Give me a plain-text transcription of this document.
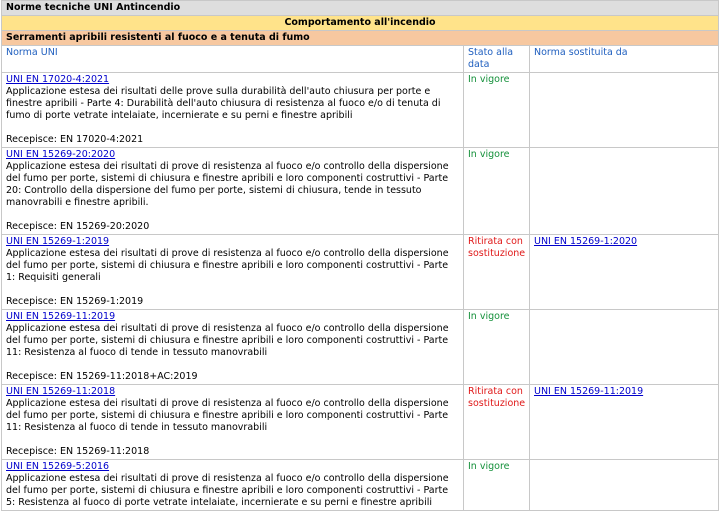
Norme tecniche UNI Antincendio		
Comportamento all'incendio		
Serramenti apribili resistenti al fuoco e a tenuta di fumo		
Norma UNI	Stato alla data	Norma sostituita da

UNI EN 17020-4:2021
Applicazione estesa dei risultati delle prove sulla durabilità dell'auto chiusura per porte e finestre apribili - Parte 4: Durabilità dell'auto chiusura di resistenza al fuoco e/o di tenuta di fumo di porte vetrate intelaiate, incernierate e su perni e finestre apribili
Recepisce: EN 17020-4:2021	In vigore	

UNI EN 15269-20:2020
Applicazione estesa dei risultati di prove di resistenza al fuoco e/o controllo della dispersione del fumo per porte, sistemi di chiusura e finestre apribili e loro componenti costruttivi - Parte 20: Controllo della dispersione del fumo per porte, sistemi di chiusura, tende in tessuto manovrabili e finestre apribili.
Recepisce: EN 15269-20:2020	In vigore	

UNI EN 15269-1:2019
Applicazione estesa dei risultati di prove di resistenza al fuoco e/o controllo della dispersione del fumo per porte, sistemi di chiusura e finestre apribili e loro componenti costruttivi - Parte 1: Requisiti generali
Recepisce: EN 15269-1:2019	Ritirata con sostituzione	UNI EN 15269-1:2020

UNI EN 15269-11:2019
Applicazione estesa dei risultati di prove di resistenza al fuoco e/o controllo della dispersione del fumo per porte, sistemi di chiusura e finestre apribili e loro componenti costruttivi - Parte 11: Resistenza al fuoco di tende in tessuto manovrabili
Recepisce: EN 15269-11:2018+AC:2019	In vigore	

UNI EN 15269-11:2018
Applicazione estesa dei risultati di prove di resistenza al fuoco e/o controllo della dispersione del fumo per porte, sistemi di chiusura e finestre apribili e loro componenti costruttivi - Parte 11: Resistenza al fuoco di tende in tessuto manovrabili
Recepisce: EN 15269-11:2018	Ritirata con sostituzione	UNI EN 15269-11:2019

UNI EN 15269-5:2016
Applicazione estesa dei risultati di prove di resistenza al fuoco e/o controllo della dispersione del fumo per porte, sistemi di chiusura e finestre apribili e loro componenti costruttivi - Parte 5: Resistenza al fuoco di porte vetrate intelaiate, incernierate e su perni e finestre apribili	In vigore	
